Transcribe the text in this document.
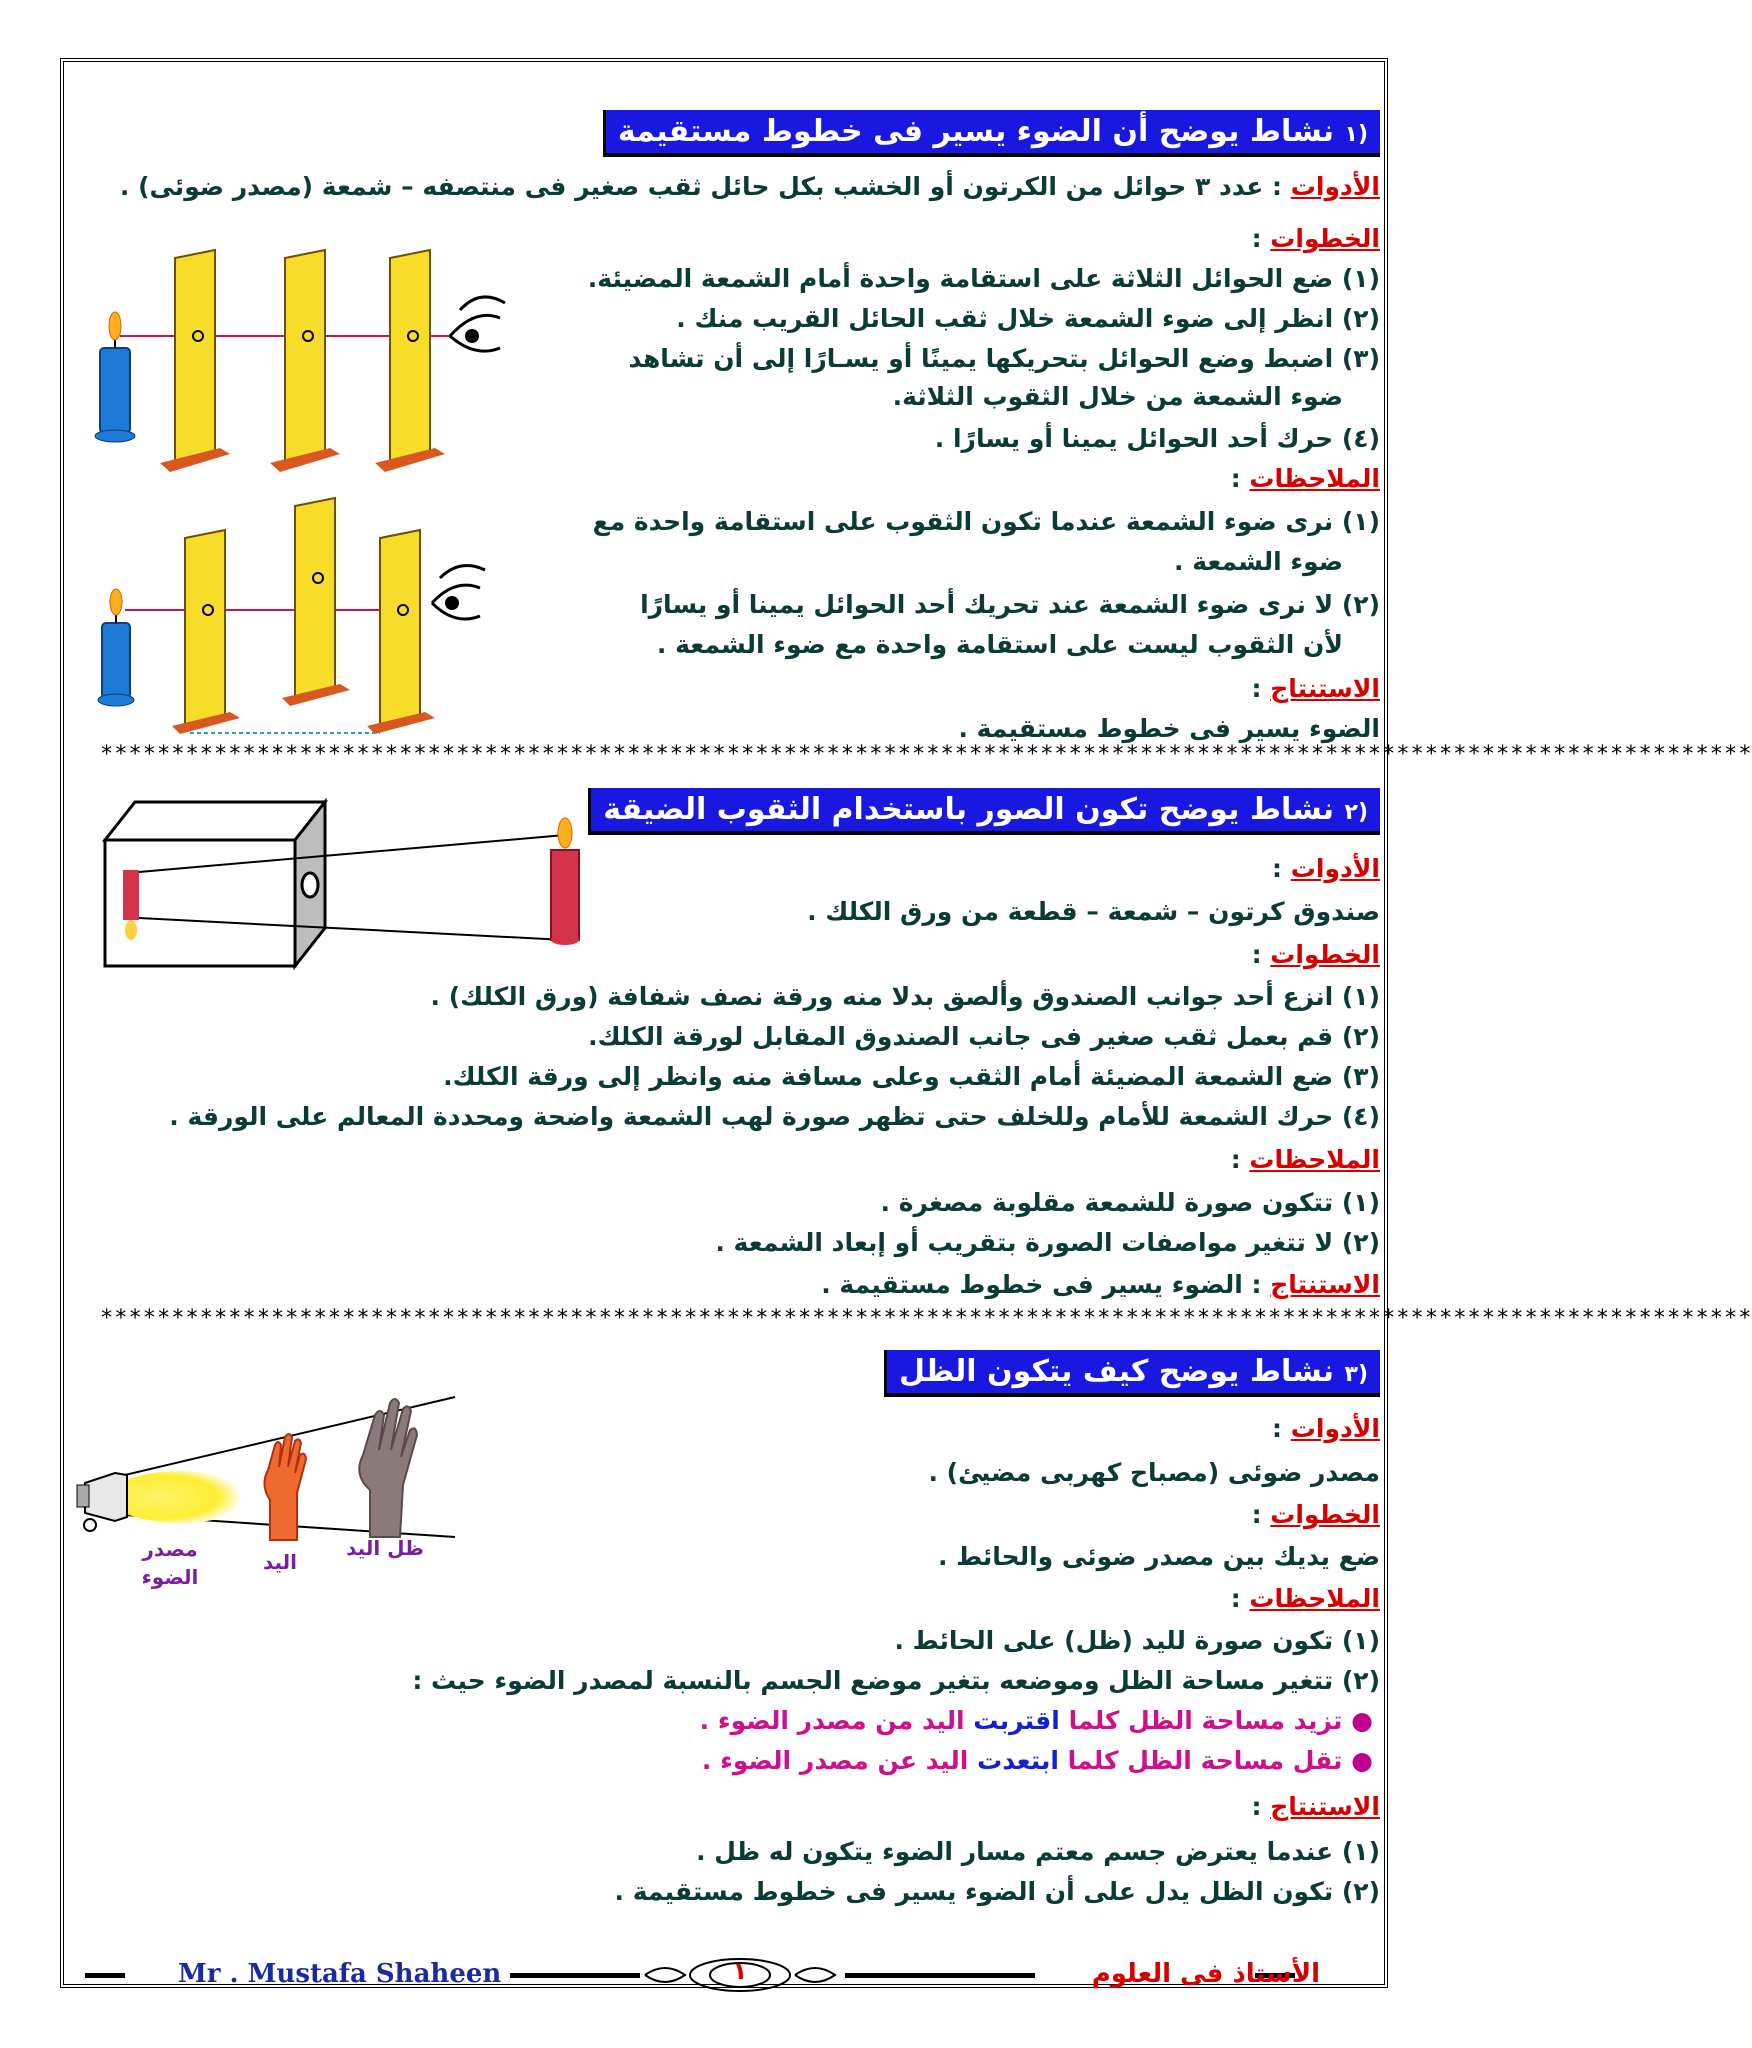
(١ نشاط يوضح أن الضوء يسير فى خطوط مستقيمة
الأدوات : عدد ٣ حوائل من الكرتون أو الخشب بكل حائل ثقب صغير فى منتصفه – شمعة (مصدر ضوئى) .
الخطوات :
(١) ضع الحوائل الثلاثة على استقامة واحدة أمام الشمعة المضيئة.
(٢) انظر إلى ضوء الشمعة خلال ثقب الحائل القريب منك .
(٣) اضبط وضع الحوائل بتحريكها يمينًا أو يسـارًا إلى أن تشاهد
ضوء الشمعة من خلال الثقوب الثلاثة.
(٤) حرك أحد الحوائل يمينا أو يسارًا .
الملاحظات :
(١) نرى ضوء الشمعة عندما تكون الثقوب على استقامة واحدة مع
ضوء الشمعة .
(٢) لا نرى ضوء الشمعة عند تحريك أحد الحوائل يمينا أو يسارًا
لأن الثقوب ليست على استقامة واحدة مع ضوء الشمعة .
الاستنتاج :
الضوء يسير فى خطوط مستقيمة .
********************************************************************************************************************
(٢ نشاط يوضح تكون الصور باستخدام الثقوب الضيقة
الأدوات :
صندوق كرتون – شمعة – قطعة من ورق الكلك .
الخطوات :
(١) انزع أحد جوانب الصندوق وألصق بدلا منه ورقة نصف شفافة (ورق الكلك) .
(٢) قم بعمل ثقب صغير فى جانب الصندوق المقابل لورقة الكلك.
(٣) ضع الشمعة المضيئة أمام الثقب وعلى مسافة منه وانظر إلى ورقة الكلك.
(٤) حرك الشمعة للأمام وللخلف حتى تظهر صورة لهب الشمعة واضحة ومحددة المعالم على الورقة .
الملاحظات :
(١) تتكون صورة للشمعة مقلوبة مصغرة .
(٢) لا تتغير مواصفات الصورة بتقريب أو إبعاد الشمعة .
الاستنتاج : الضوء يسير فى خطوط مستقيمة .
********************************************************************************************************************
(٣ نشاط يوضح كيف يتكون الظل
الأدوات :
مصدر ضوئى (مصباح كهربى مضيئ) .
الخطوات :
ضع يديك بين مصدر ضوئى والحائط .
الملاحظات :
(١) تكون صورة لليد (ظل) على الحائط .
(٢) تتغير مساحة الظل وموضعه بتغير موضع الجسم بالنسبة لمصدر الضوء حيث :
● تزيد مساحة الظل كلما اقتربت اليد من مصدر الضوء .
● تقل مساحة الظل كلما ابتعدت اليد عن مصدر الضوء .
الاستنتاج :
(١) عندما يعترض جسم معتم مسار الضوء يتكون له ظل .
(٢) تكون الظل يدل على أن الضوء يسير فى خطوط مستقيمة .
مصدر الضوء
اليد
ظل اليد
Mr . Mustafa Shaheen	١	الأستاذ فى العلوم
